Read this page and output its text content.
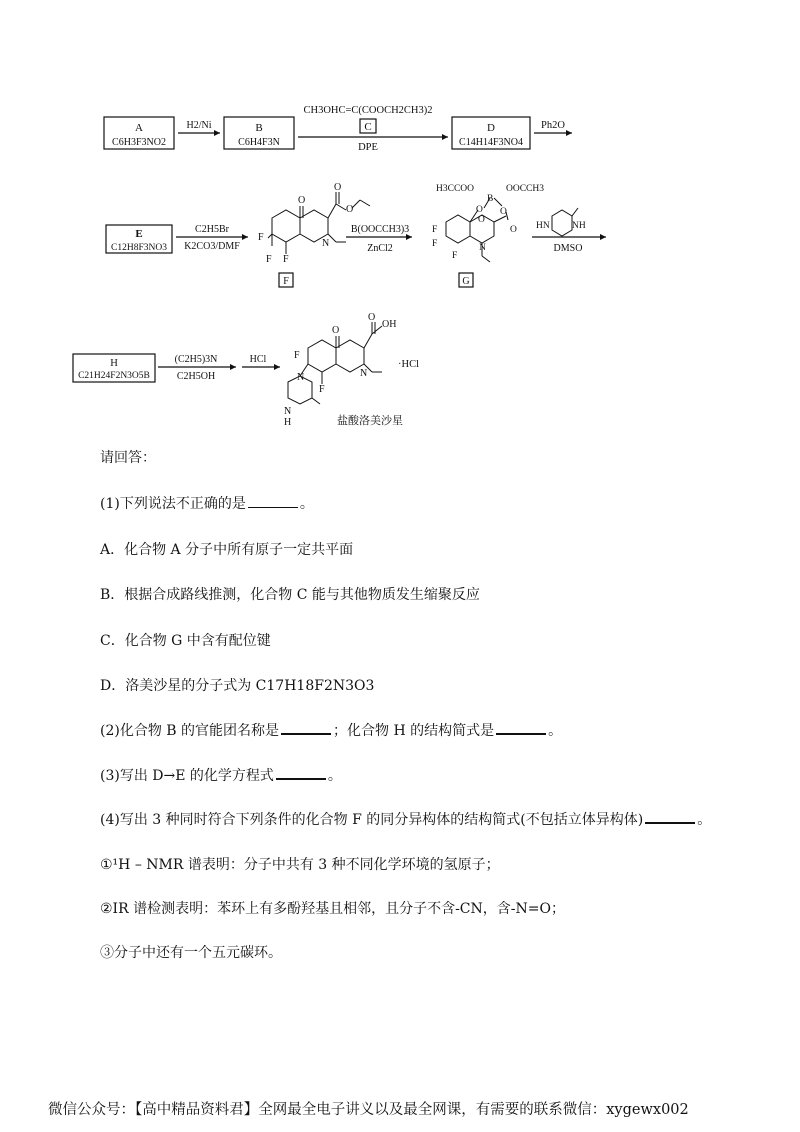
A
C6H3F3NO2
H2/Ni	B
C6H4F3N
CH3OHC=C(COOCH2CH3)2
C
DPE
D
C14H14F3NO4
Ph2O
E
C12H8F3NO3
C2H5Br
K2CO3/DMF
O
O
O
N
F
F F
F
B(OOCCH3)3
ZnCl2
H3CCOO
B
OOCCH3
O O
O
O
N
F
F
F
G
HN NH
DMSO
H
C21H24F2N3O5B
(C2H5)3N
C2H5OH
HCl
O
O
OH
N
F
F
N
N
H
·HCl
盐酸洛美沙星
请回答：
(1)下列说法不正确的是	。
A．化合物 A 分子中所有原子一定共平面
B．根据合成路线推测，化合物 C 能与其他物质发生缩聚反应
C．化合物 G 中含有配位键
D．洛美沙星的分子式为 C17H18F2N3O3
(2)化合物 B 的官能团名称是	；化合物 H 的结构简式是	。
(3)写出 D→E 的化学方程式	。
(4)写出 3 种同时符合下列条件的化合物 F 的同分异构体的结构简式(不包括立体异构体)	。
①¹H – NMR 谱表明：分子中共有 3 种不同化学环境的氢原子；
②IR 谱检测表明：苯环上有多酚羟基且相邻，且分子不含-CN，含-N=O；
③分子中还有一个五元碳环。
微信公众号：【高中精品资料君】全网最全电子讲义以及最全网课，有需要的联系微信：xygewx002
